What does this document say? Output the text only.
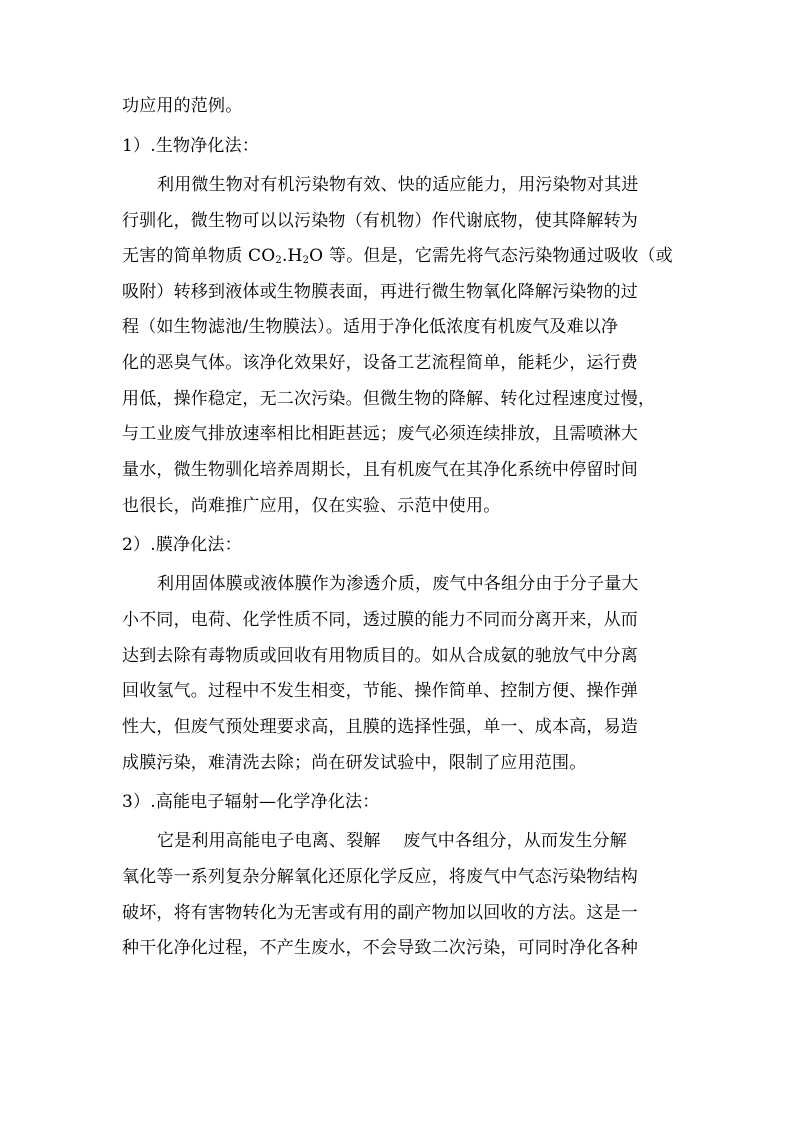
功应用的范例。
1）.生物净化法：
利用微生物对有机污染物有效、快的适应能力，用污染物对其进
行驯化，微生物可以以污染物（有机物）作代谢底物，使其降解转为
无害的简单物质 $CO_2.H_2O$ 等。但是，它需先将气态污染物通过吸收（或
吸附）转移到液体或生物膜表面，再进行微生物氧化降解污染物的过
程（如生物滤池/生物膜法）。适用于净化低浓度有机废气及难以净
化的恶臭气体。该净化效果好，设备工艺流程简单，能耗少，运行费
用低，操作稳定，无二次污染。但微生物的降解、转化过程速度过慢，
与工业废气排放速率相比相距甚远；废气必须连续排放，且需喷淋大
量水，微生物驯化培养周期长，且有机废气在其净化系统中停留时间
也很长，尚难推广应用，仅在实验、示范中使用。
2）.膜净化法：
利用固体膜或液体膜作为渗透介质，废气中各组分由于分子量大
小不同，电荷、化学性质不同，透过膜的能力不同而分离开来，从而
达到去除有毒物质或回收有用物质目的。如从合成氨的驰放气中分离
回收氢气。过程中不发生相变，节能、操作简单、控制方便、操作弹
性大，但废气预处理要求高，且膜的选择性强，单一、成本高，易造
成膜污染，难清洗去除；尚在研发试验中，限制了应用范围。
3）.高能电子辐射—化学净化法：
它是利用高能电子电离、裂解　 废气中各组分，从而发生分解
氧化等一系列复杂分解氧化还原化学反应，将废气中气态污染物结构
破坏，将有害物转化为无害或有用的副产物加以回收的方法。这是一
种干化净化过程，不产生废水，不会导致二次污染，可同时净化各种
